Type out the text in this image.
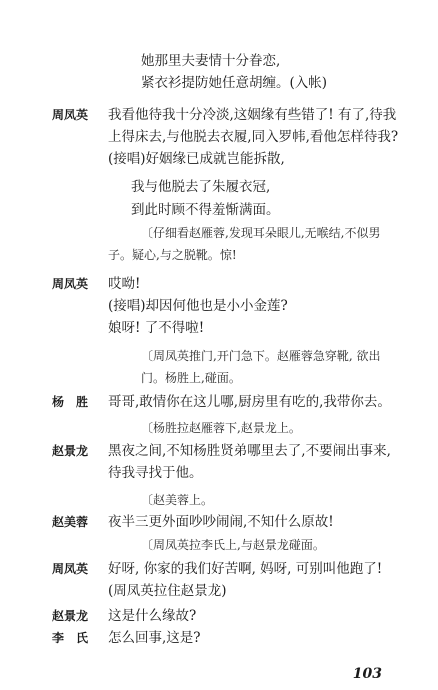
她那里夫妻情十分眷恋,
紧衣衫提防她任意胡缠。(入帐)
周凤英 我看他待我十分冷淡,这姻缘有些错了! 有了,待我
上得床去,与他脱去衣履,同入罗帏,看他怎样待我?
(接唱)好姻缘已成就岂能拆散,
我与他脱去了朱履衣冠,
到此时顾不得羞惭满面。
〔仔细看赵雁蓉,发现耳朵眼儿,无喉结,不似男
子。疑心,与之脱靴。惊!
周凤英 哎呦!
(接唱)却因何他也是小小金莲?
娘呀! 了不得啦!
〔周凤英推门,开门急下。赵雁蓉急穿靴, 欲出
门。杨胜上,碰面。
杨　胜 哥哥,敢情你在这儿哪,厨房里有吃的,我带你去。
〔杨胜拉赵雁蓉下,赵景龙上。
赵景龙 黑夜之间,不知杨胜贤弟哪里去了,不要闹出事来,
待我寻找于他。
〔赵美蓉上。
赵美蓉 夜半三更外面吵吵闹闹,不知什么原故!
〔周凤英拉李氏上,与赵景龙碰面。
周凤英 好呀, 你家的我们好苦啊, 妈呀, 可别叫他跑了!
(周凤英拉住赵景龙)
赵景龙 这是什么缘故?
李　氏 怎么回事,这是?
103
